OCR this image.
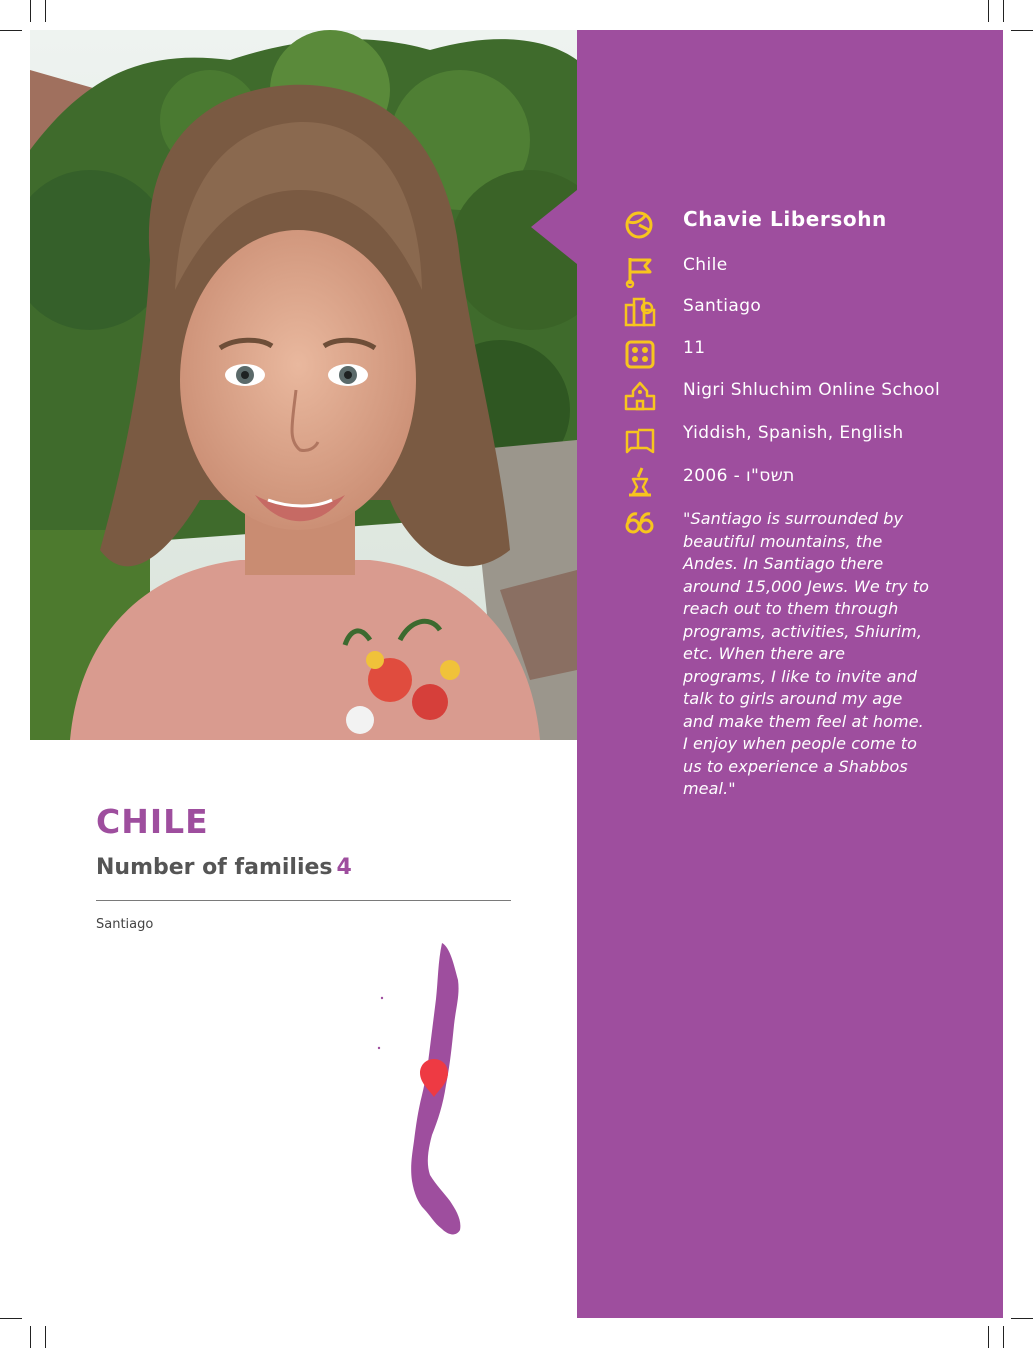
Chavie Libersohn
Chile
Santiago
11
Nigri Shluchim Online School
Yiddish, Spanish, English
2006 - תשס"ו
"Santiago is surrounded by beautiful mountains, the Andes. In Santiago there around 15,000 Jews. We try to reach out to them through programs, activities, Shiurim, etc. When there are programs, I like to invite and talk to girls around my age and make them feel at home. I enjoy when people come to us to experience a Shabbos meal."
CHILE
Number of families 4
Santiago
